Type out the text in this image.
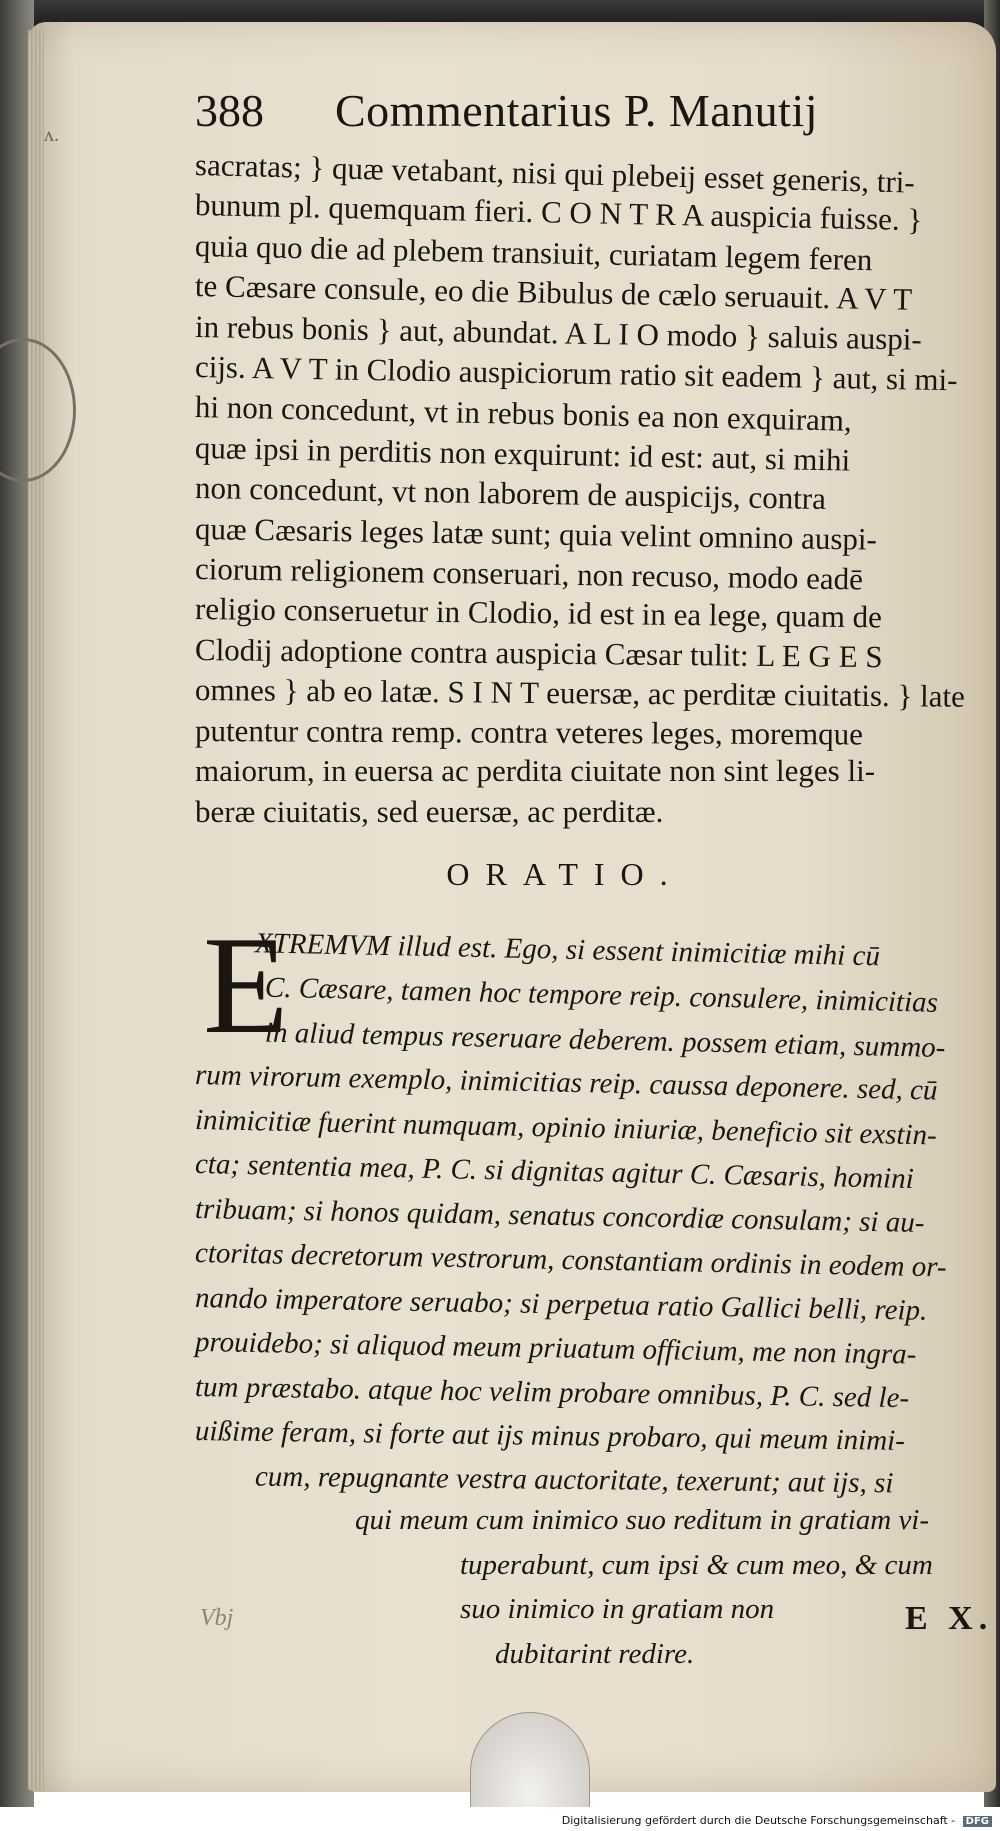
ʌ.	388	Commentarius P. Manutij
sacratas; } quæ vetabant, nisi qui plebeij esset generis, tri-
bunum pl. quemquam fieri. C O N T R A auspicia fuisse. }
quia quo die ad plebem transiuit, curiatam legem feren
te Cæsare consule, eo die Bibulus de cælo seruauit. A V T
in rebus bonis } aut, abundat. A L I O modo } saluis auspi-
cijs. A V T in Clodio auspiciorum ratio sit eadem } aut, si mi-
hi non concedunt, vt in rebus bonis ea non exquiram,
quæ ipsi in perditis non exquirunt: id est: aut, si mihi
non concedunt, vt non laborem de auspicijs, contra
quæ Cæsaris leges latæ sunt; quia velint omnino auspi-
ciorum religionem conseruari, non recuso, modo eadē
religio conseruetur in Clodio, id est in ea lege, quam de
Clodij adoptione contra auspicia Cæsar tulit: L E G E S
omnes } ab eo latæ. S I N T euersæ, ac perditæ ciuitatis. } late
putentur contra remp. contra veteres leges, moremque
maiorum, in euersa ac perdita ciuitate non sint leges li-
beræ ciuitatis, sed euersæ, ac perditæ.
ORATIO.
E
XTREMVM illud est. Ego, si essent inimicitiæ mihi cū
C. Cæsare, tamen hoc tempore reip. consulere, inimicitias
in aliud tempus reseruare deberem. possem etiam, summo-
rum virorum exemplo, inimicitias reip. caussa deponere. sed, cū
inimicitiæ fuerint numquam, opinio iniuriæ, beneficio sit exstin-
cta; sententia mea, P. C. si dignitas agitur C. Cæsaris, homini
tribuam; si honos quidam, senatus concordiæ consulam; si au-
ctoritas decretorum vestrorum, constantiam ordinis in eodem or-
nando imperatore seruabo; si perpetua ratio Gallici belli, reip.
prouidebo; si aliquod meum priuatum officium, me non ingra-
tum præstabo. atque hoc velim probare omnibus, P. C. sed le-
uißime feram, si forte aut ijs minus probaro, qui meum inimi-
cum, repugnante vestra auctoritate, texerunt; aut ijs, si
qui meum cum inimico suo reditum in gratiam vi-
tuperabunt, cum ipsi & cum meo, & cum
suo inimico in gratiam non
dubitarint redire.
E X.
Vbj
Digitalisierung gefördert durch die Deutsche Forschungsgemeinschaft - DFG
